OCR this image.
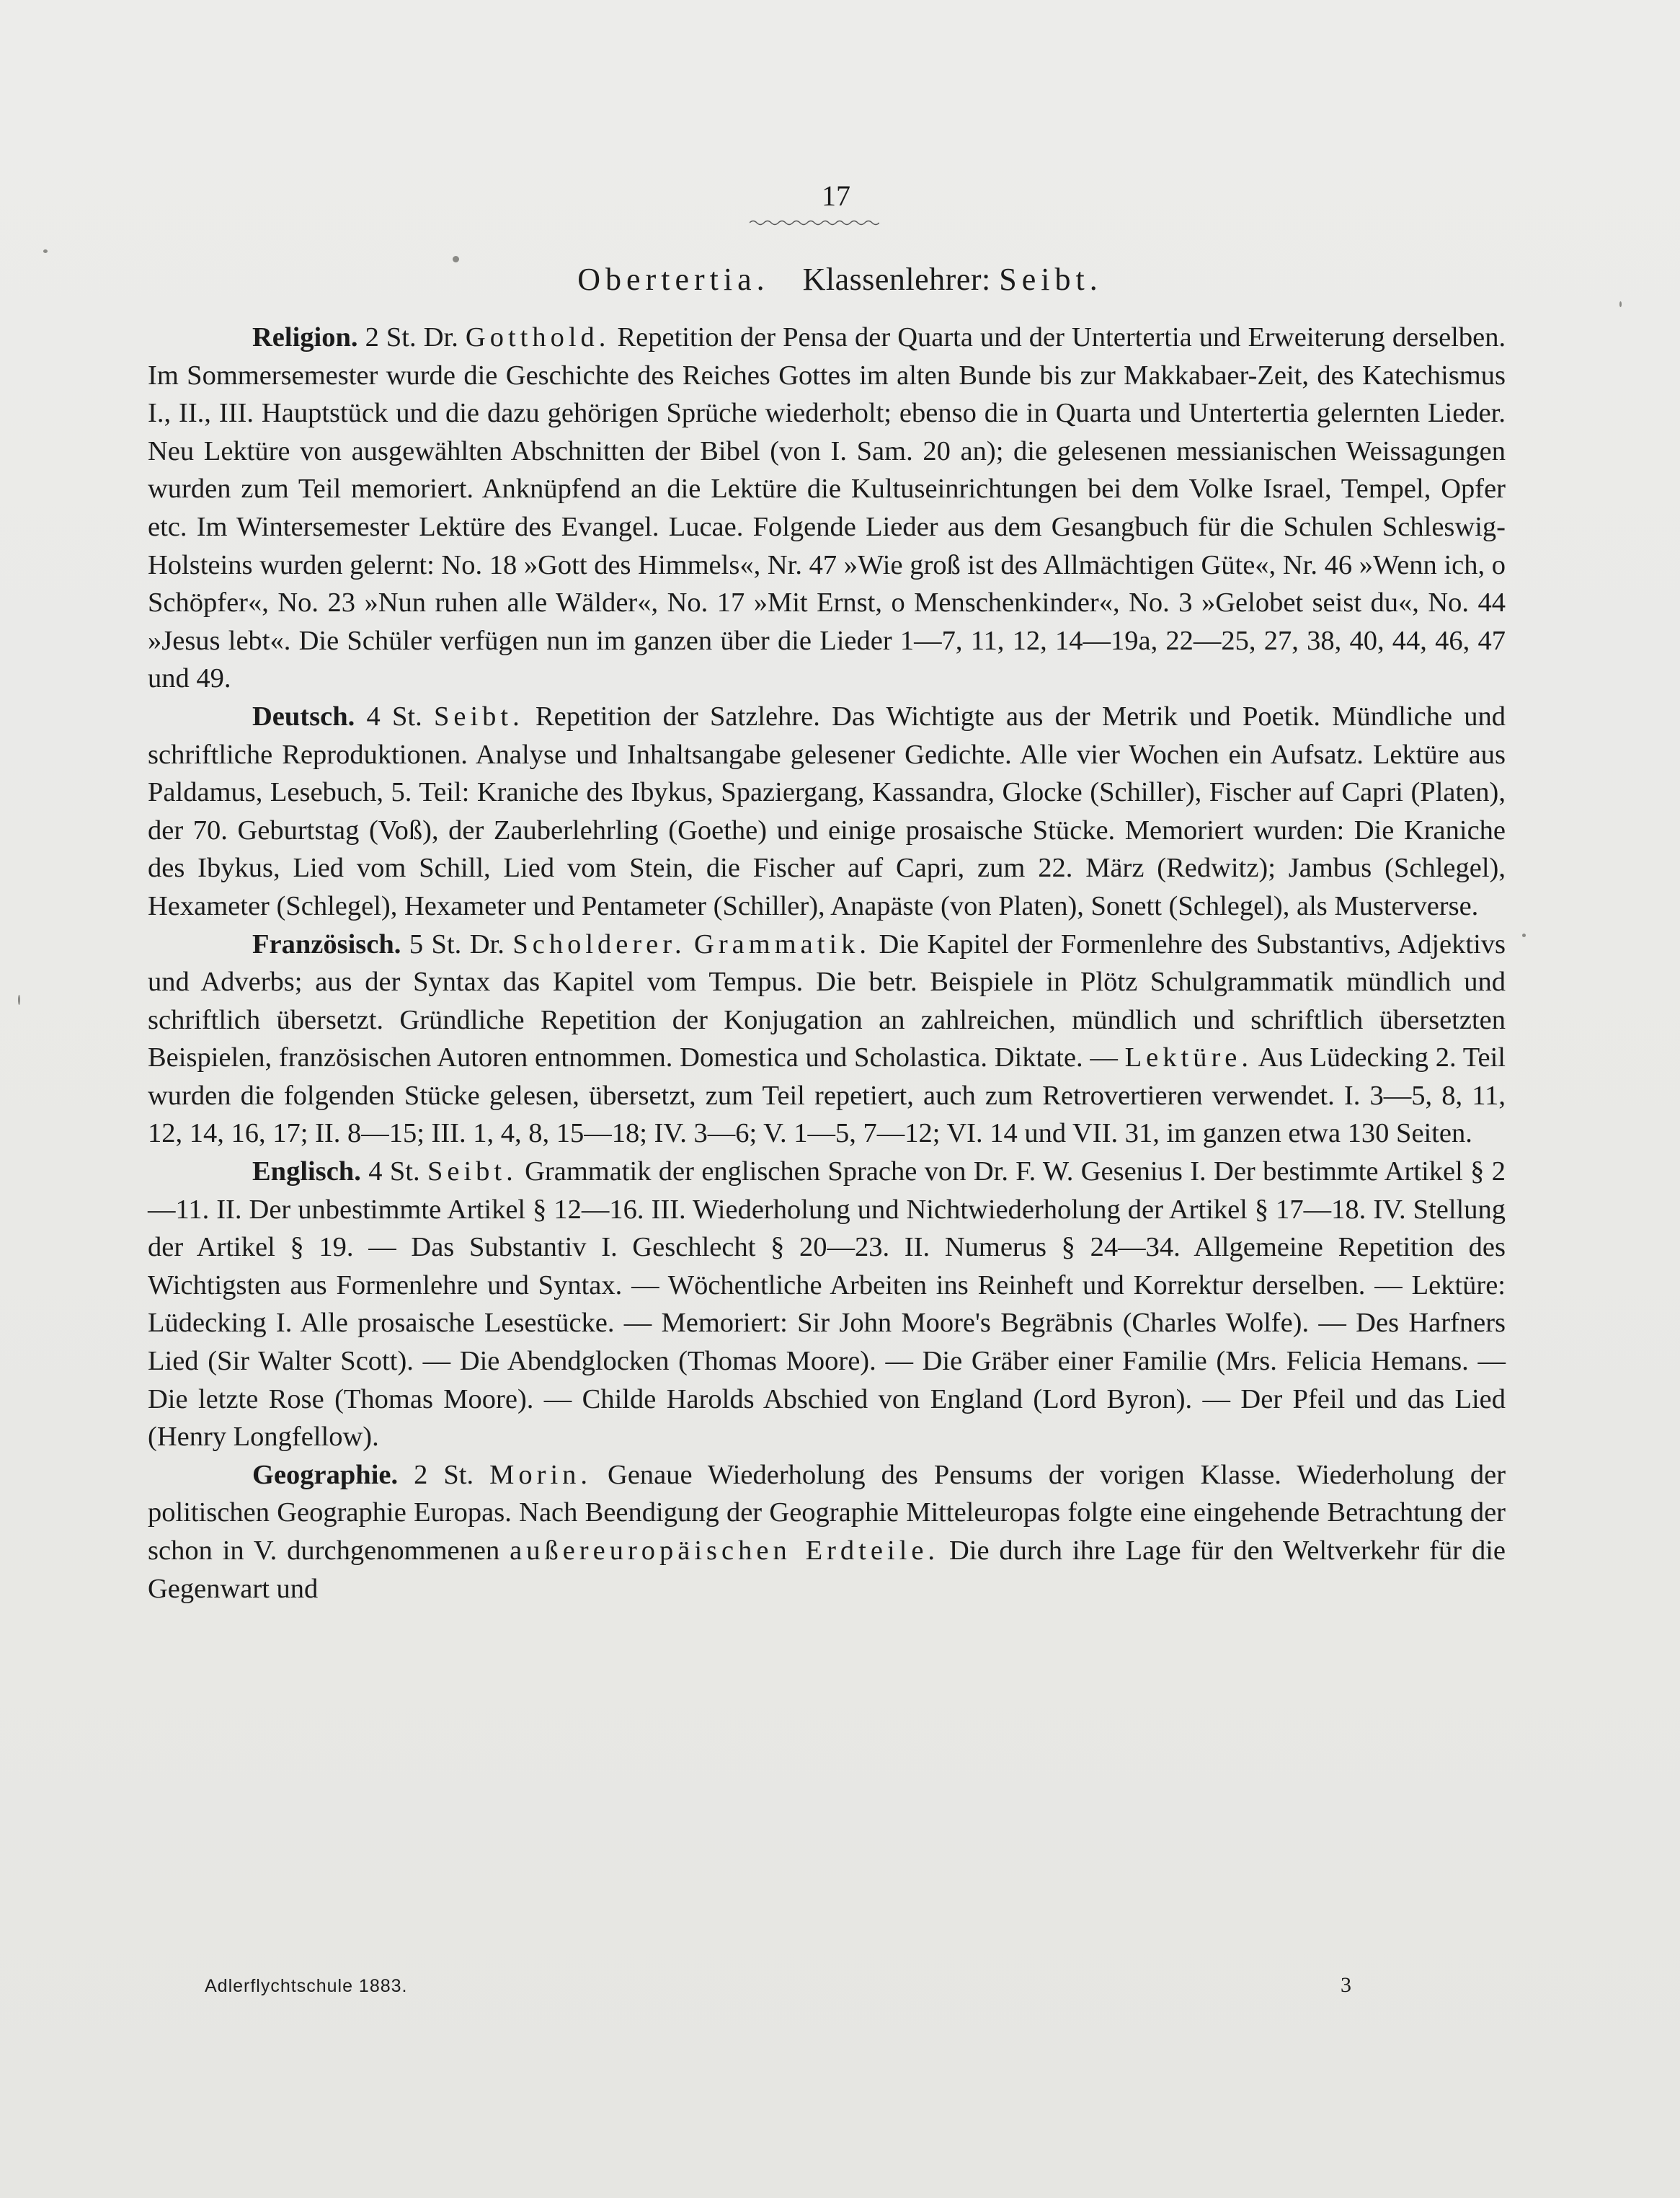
17
Obertertia. Klassenlehrer: Seibt.

Religion. 2 St. Dr. Gotthold. Repetition der Pensa der Quarta und der Untertertia und Erweiterung derselben. Im Sommersemester wurde die Geschichte des Reiches Gottes im alten Bunde bis zur Makkabaer-Zeit, des Katechismus I., II., III. Hauptstück und die dazu gehörigen Sprüche wiederholt; ebenso die in Quarta und Untertertia gelernten Lieder. Neu Lektüre von ausgewählten Abschnitten der Bibel (von I. Sam. 20 an); die gelesenen messianischen Weissagungen wurden zum Teil memoriert. Anknüpfend an die Lektüre die Kultuseinrichtungen bei dem Volke Israel, Tempel, Opfer etc. Im Wintersemester Lektüre des Evangel. Lucae. Folgende Lieder aus dem Gesangbuch für die Schulen Schleswig-Holsteins wurden gelernt: No. 18 »Gott des Himmels«, Nr. 47 »Wie groß ist des Allmächtigen Güte«, Nr. 46 »Wenn ich, o Schöpfer«, No. 23 »Nun ruhen alle Wälder«, No. 17 »Mit Ernst, o Menschenkinder«, No. 3 »Gelobet seist du«, No. 44 »Jesus lebt«. Die Schüler verfügen nun im ganzen über die Lieder 1—7, 11, 12, 14—19a, 22—25, 27, 38, 40, 44, 46, 47 und 49.

Deutsch. 4 St. Seibt. Repetition der Satzlehre. Das Wichtigte aus der Metrik und Poetik. Mündliche und schriftliche Reproduktionen. Analyse und Inhaltsangabe gelesener Gedichte. Alle vier Wochen ein Aufsatz. Lektüre aus Paldamus, Lesebuch, 5. Teil: Kraniche des Ibykus, Spaziergang, Kassandra, Glocke (Schiller), Fischer auf Capri (Platen), der 70. Geburtstag (Voß), der Zauberlehrling (Goethe) und einige prosaische Stücke. Memoriert wurden: Die Kraniche des Ibykus, Lied vom Schill, Lied vom Stein, die Fischer auf Capri, zum 22. März (Redwitz); Jambus (Schlegel), Hexameter (Schlegel), Hexameter und Pentameter (Schiller), Anapäste (von Platen), Sonett (Schlegel), als Musterverse.

Französisch. 5 St. Dr. Scholderer. Grammatik. Die Kapitel der Formenlehre des Substantivs, Adjektivs und Adverbs; aus der Syntax das Kapitel vom Tempus. Die betr. Beispiele in Plötz Schulgrammatik mündlich und schriftlich übersetzt. Gründliche Repetition der Konjugation an zahlreichen, mündlich und schriftlich übersetzten Beispielen, französischen Autoren entnommen. Domestica und Scholastica. Diktate. — Lektüre. Aus Lüdecking 2. Teil wurden die folgenden Stücke gelesen, übersetzt, zum Teil repetiert, auch zum Retrovertieren verwendet. I. 3—5, 8, 11, 12, 14, 16, 17; II. 8—15; III. 1, 4, 8, 15—18; IV. 3—6; V. 1—5, 7—12; VI. 14 und VII. 31, im ganzen etwa 130 Seiten.

Englisch. 4 St. Seibt. Grammatik der englischen Sprache von Dr. F. W. Gesenius I. Der bestimmte Artikel § 2—11. II. Der unbestimmte Artikel § 12—16. III. Wiederholung und Nichtwiederholung der Artikel § 17—18. IV. Stellung der Artikel § 19. — Das Substantiv I. Geschlecht § 20—23. II. Numerus § 24—34. Allgemeine Repetition des Wichtigsten aus Formenlehre und Syntax. — Wöchentliche Arbeiten ins Reinheft und Korrektur derselben. — Lektüre: Lüdecking I. Alle prosaische Lesestücke. — Memoriert: Sir John Moore's Begräbnis (Charles Wolfe). — Des Harfners Lied (Sir Walter Scott). — Die Abendglocken (Thomas Moore). — Die Gräber einer Familie (Mrs. Felicia Hemans. — Die letzte Rose (Thomas Moore). — Childe Harolds Abschied von England (Lord Byron). — Der Pfeil und das Lied (Henry Longfellow).

Geographie. 2 St. Morin. Genaue Wiederholung des Pensums der vorigen Klasse. Wiederholung der politischen Geographie Europas. Nach Beendigung der Geographie Mitteleuropas folgte eine eingehende Betrachtung der schon in V. durchgenommenen außereuropäischen Erdteile. Die durch ihre Lage für den Weltverkehr für die Gegenwart und

Adlerflychtschule 1883.	3
